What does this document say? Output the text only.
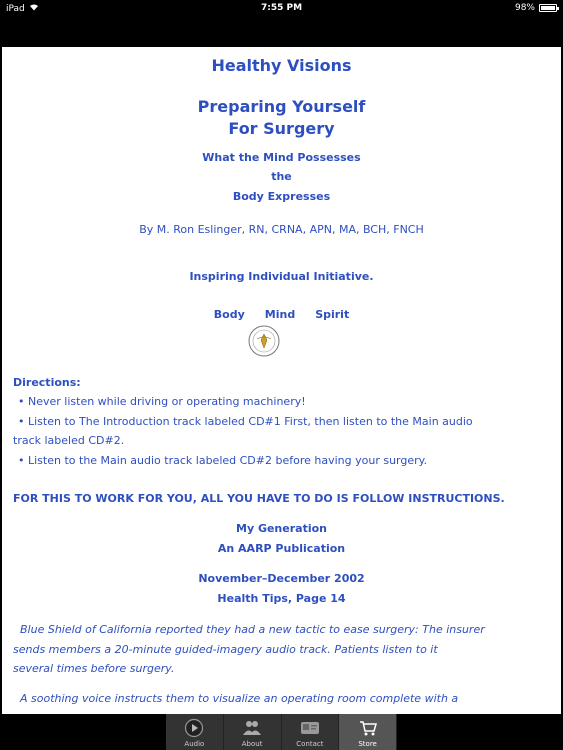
iPad	7:55 PM	98%
Healthy Visions
Preparing Yourself
For Surgery
What the Mind Possesses
the
Body Expresses
By M. Ron Eslinger, RN, CRNA, APN, MA, BCH, FNCH
Inspiring Individual Initiative.
Body Mind Spirit
Directions:
• Never listen while driving or operating machinery!
• Listen to The Introduction track labeled CD#1 First, then listen to the Main audio
track labeled CD#2.
• Listen to the Main audio track labeled CD#2 before having your surgery.
FOR THIS TO WORK FOR YOU, ALL YOU HAVE TO DO IS FOLLOW INSTRUCTIONS.
My Generation
An AARP Publication
November–December 2002
Health Tips, Page 14
Blue Shield of California reported they had a new tactic to ease surgery: The insurer
sends members a 20-minute guided-imagery audio track. Patients listen to it
several times before surgery.
A soothing voice instructs them to visualize an operating room complete with a
Audio	About	Contact	Store
